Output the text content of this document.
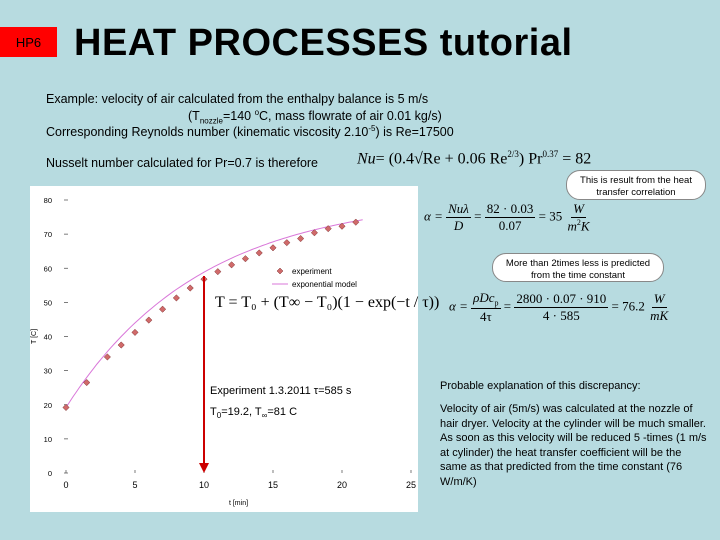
HP6 HEAT PROCESSES tutorial
Example: velocity of air calculated from the enthalpy balance is 5 m/s
($T_{nozzle}=140$ $^o$C, mass flowrate of air 0.01 kg/s)
Corresponding Reynolds number (kinematic viscosity $2.10^{-5}$) is Re=17500
Nusselt number calculated for Pr=0.7 is therefore Nu= (0.4√Re + 0.06 $Re^{2/3}$) $Pr^{0.37} = 82$
This is result from the heat transfer correlation
$\alpha = \frac{\text{Nuλ}}{D} = \frac{82 \cdot 0.03}{0.07} = 35 \frac{W}{m^2K}$
More than 2times less is predicted from the time constant
$\alpha = \frac{\rho Dc_p}{4\tau} = \frac{2800 \cdot 0.07 \cdot 910}{4 \cdot 585} = 76.2 \frac{W}{mK}$
0	5	10	15	20	25
0
10
20
30
40
50
60
70
80
t [min]
T [C]
experiment
exponential model
T = T₀ + (T∞ − T₀)(1 − exp(−t / τ))
Experiment 1.3.2011 τ=585 s
$T_0=19.2$, $T_\infty=81$ C
Probable explanation of this discrepancy:
Velocity of air (5m/s) was calculated at the nozzle of hair dryer. Velocity at the cylinder will be much smaller. As soon as this velocity will be reduced 5 -times (1 m/s at cylinder) the heat transfer coefficient will be the same as that predicted from the time constant (76 W/m/K)
